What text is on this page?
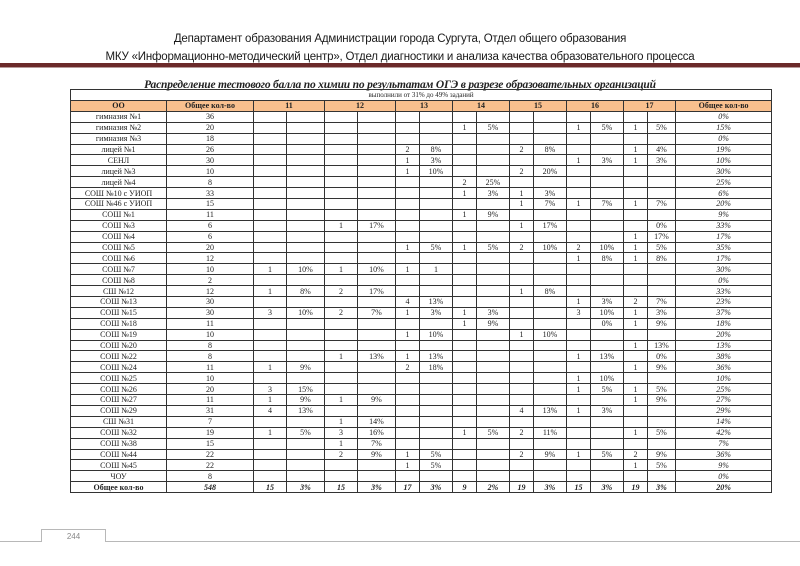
Департамент образования Администрации города Сургута, Отдел общего образования
МКУ «Информационно-методический центр», Отдел диагностики и анализа качества образовательного процесса
Распределение тестового балла по химии по результатам ОГЭ в разрезе образовательных организаций
выполнили от 31% до 49% заданий																
ОО	Общее кол-во	11		12		13		14		15		16		17		Общее кол-во
гимназия №1	36															0%
гимназия №2	20							1	5%			1	5%	1	5%	15%
гимназия №3	18															0%
лицей №1	26					2	8%			2	8%			1	4%	19%
СЕНЛ	30					1	3%					1	3%	1	3%	10%
лицей №3	10					1	10%			2	20%					30%
лицей №4	8							2	25%							25%
СОШ №10 с УИОП	33							1	3%	1	3%					6%
СОШ №46 с УИОП	15									1	7%	1	7%	1	7%	20%
СОШ №1	11							1	9%							9%
СОШ №3	6			1	17%					1	17%				0%	33%
СОШ №4	6													1	17%	17%
СОШ №5	20					1	5%	1	5%	2	10%	2	10%	1	5%	35%
СОШ №6	12											1	8%	1	8%	17%
СОШ №7	10	1	10%	1	10%	1	1									30%
СОШ №8	2															0%
СШ №12	12	1	8%	2	17%					1	8%					33%
СОШ №13	30					4	13%					1	3%	2	7%	23%
СОШ №15	30	3	10%	2	7%	1	3%	1	3%			3	10%	1	3%	37%
СОШ №18	11							1	9%				0%	1	9%	18%
СОШ №19	10					1	10%			1	10%					20%
СОШ №20	8													1	13%	13%
СОШ №22	8			1	13%	1	13%					1	13%		0%	38%
СОШ №24	11	1	9%			2	18%							1	9%	36%
СОШ №25	10											1	10%			10%
СОШ №26	20	3	15%									1	5%	1	5%	25%
СОШ №27	11	1	9%	1	9%									1	9%	27%
СОШ №29	31	4	13%							4	13%	1	3%			29%
СШ №31	7			1	14%											14%
СОШ №32	19	1	5%	3	16%			1	5%	2	11%			1	5%	42%
СОШ №38	15			1	7%											7%
СОШ №44	22			2	9%	1	5%			2	9%	1	5%	2	9%	36%
СОШ №45	22					1	5%							1	5%	9%
ЧОУ	8															0%
Общее кол-во	548	15	3%	15	3%	17	3%	9	2%	19	3%	15	3%	19	3%	20%
244
